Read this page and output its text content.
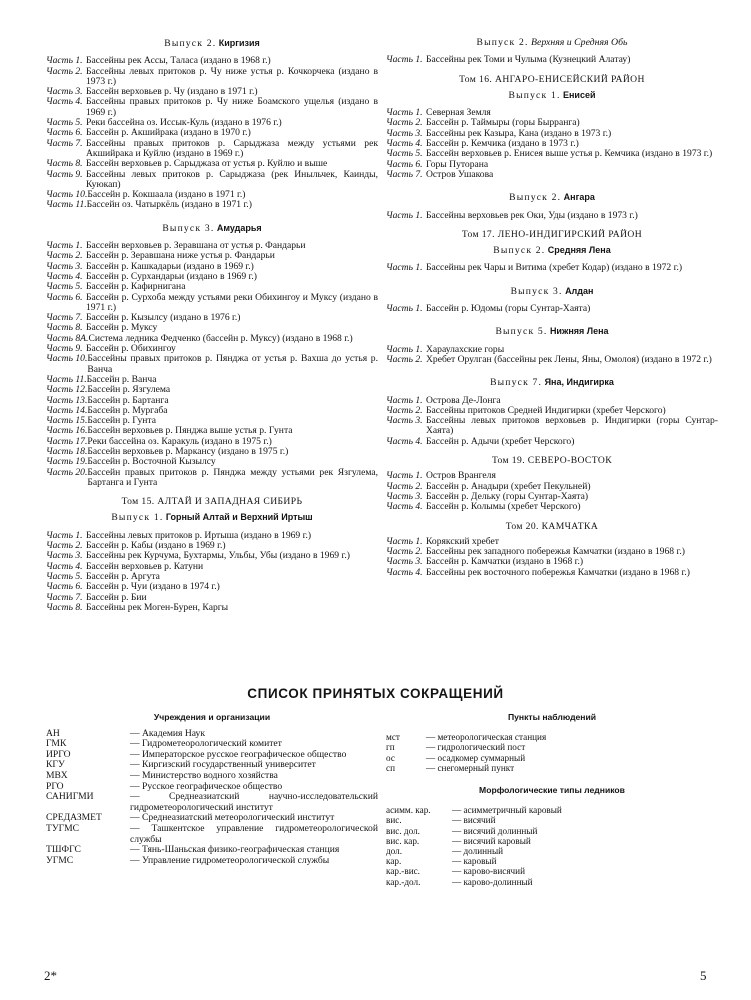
Выпуск 2. Киргизия
Часть 1. Бассейны рек Ассы, Таласа (издано в 1968 г.)
Часть 2. Бассейны левых притоков р. Чу ниже устья р. Кочкорчека (издано в 1973 г.)
Часть 3. Бассейн верховьев р. Чу (издано в 1971 г.)
Часть 4. Бассейны правых притоков р. Чу ниже Боамского ущелья (издано в 1969 г.)
Часть 5. Реки бассейна оз. Иссык-Куль (издано в 1976 г.)
Часть 6. Бассейн р. Акшийрака (издано в 1970 г.)
Часть 7. Бассейны правых притоков р. Сарыджаза между устьями рек Акшийрака и Куйлю (издано в 1969 г.)
Часть 8. Бассейн верховьев р. Сарыджаза от устья р. Куйлю и выше
Часть 9. Бассейны левых притоков р. Сарыджаза (рек Иныльчек, Каинды, Куюкап)
Часть 10. Бассейн р. Кокшаала (издано в 1971 г.)
Часть 11. Бассейн оз. Чатыркёль (издано в 1971 г.)
Выпуск 3. Амударья
Часть 1. Бассейн верховьев р. Зеравшана от устья р. Фандарьи
Часть 2. Бассейн р. Зеравшана ниже устья р. Фандарьи
Часть 3. Бассейн р. Кашкадарьи (издано в 1969 г.)
Часть 4. Бассейн р. Сурхандарьи (издано в 1969 г.)
Часть 5. Бассейн р. Кафирнигана
Часть 6. Бассейн р. Сурхоба между устьями реки Обихингоу и Муксу (издано в 1971 г.)
Часть 7. Бассейн р. Кызылсу (издано в 1976 г.)
Часть 8. Бассейн р. Муксу
Часть 8А. Система ледника Федченко (бассейн р. Муксу) (издано в 1968 г.)
Часть 9. Бассейн р. Обихингоу
Часть 10. Бассейны правых притоков р. Пянджа от устья р. Вахша до устья р. Ванча
Часть 11. Бассейн р. Ванча
Часть 12. Бассейн р. Язгулема
Часть 13. Бассейн р. Бартанга
Часть 14. Бассейн р. Мургаба
Часть 15. Бассейн р. Гунта
Часть 16. Бассейн верховьев р. Пянджа выше устья р. Гунта
Часть 17. Реки бассейна оз. Каракуль (издано в 1975 г.)
Часть 18. Бассейн верховьев р. Маркансу (издано в 1975 г.)
Часть 19. Бассейн р. Восточной Кызылсу
Часть 20. Бассейн правых притоков р. Пянджа между устьями рек Язгулема, Бартанга и Гунта
Том 15. АЛТАЙ И ЗАПАДНАЯ СИБИРЬ
Выпуск 1. Горный Алтай и Верхний Иртыш
Часть 1. Бассейны левых притоков р. Иртыша (издано в 1969 г.)
Часть 2. Бассейн р. Кабы (издано в 1969 г.)
Часть 3. Бассейны рек Курчума, Бухтармы, Ульбы, Убы (издано в 1969 г.)
Часть 4. Бассейн верховьев р. Катуни
Часть 5. Бассейн р. Аргута
Часть 6. Бассейн р. Чуи (издано в 1974 г.)
Часть 7. Бассейн р. Бии
Часть 8. Бассейны рек Моген-Бурен, Каргы
Выпуск 2. Верхняя и Средняя Обь
Часть 1. Бассейны рек Томи и Чулыма (Кузнецкий Алатау)
Том 16. АНГАРО-ЕНИСЕЙСКИЙ РАЙОН
Выпуск 1. Енисей
Часть 1. Северная Земля
Часть 2. Бассейн р. Таймыры (горы Бырранга)
Часть 3. Бассейны рек Казыра, Кана (издано в 1973 г.)
Часть 4. Бассейн р. Кемчика (издано в 1973 г.)
Часть 5. Бассейн верховьев р. Енисея выше устья р. Кемчика (издано в 1973 г.)
Часть 6. Горы Путорана
Часть 7. Остров Ушакова
Выпуск 2. Ангара
Часть 1. Бассейны верховьев рек Оки, Уды (издано в 1973 г.)
Том 17. ЛЕНО-ИНДИГИРСКИЙ РАЙОН
Выпуск 2. Средняя Лена
Часть 1. Бассейны рек Чары и Витима (хребет Кодар) (издано в 1972 г.)
Выпуск 3. Алдан
Часть 1. Бассейн р. Юдомы (горы Сунтар-Хаята)
Выпуск 5. Нижняя Лена
Часть 1. Хараулахские горы
Часть 2. Хребет Орулган (бассейны рек Лены, Яны, Омолоя) (издано в 1972 г.)
Выпуск 7. Яна, Индигирка
Часть 1. Острова Де-Лонга
Часть 2. Бассейны притоков Средней Индигирки (хребет Черского)
Часть 3. Бассейны левых притоков верховьев р. Индигирки (горы Сунтар-Хаята)
Часть 4. Бассейн р. Адычи (хребет Черского)
Том 19. СЕВЕРО-ВОСТОК
Часть 1. Остров Врангеля
Часть 2. Бассейн р. Анадыри (хребет Пекульней)
Часть 3. Бассейн р. Дельку (горы Сунтар-Хаята)
Часть 4. Бассейн р. Колымы (хребет Черского)
Том 20. КАМЧАТКА
Часть 1. Корякский хребет
Часть 2. Бассейны рек западного побережья Камчатки (издано в 1968 г.)
Часть 3. Бассейн р. Камчатки (издано в 1968 г.)
Часть 4. Бассейны рек восточного побережья Камчатки (издано в 1968 г.)
СПИСОК ПРИНЯТЫХ СОКРАЩЕНИЙ
Учреждения и организации
АН	— Академия Наук
ГМК	— Гидрометеорологический комитет
ИРГО	— Императорское русское географическое общество
КГУ	— Киргизский государственный университет
МВХ	— Министерство водного хозяйства
РГО	— Русское географическое общество
САНИГМИ	— Среднеазиатский научно-исследовательский гидрометеорологический институт
СРЕДАЗМЕТ	— Среднеазиатский метеорологический институт
ТУГМС	— Ташкентское управление гидрометеорологической службы
ТШФГС	— Тянь-Шаньская физико-географическая станция
УГМС	— Управление гидрометеорологической службы
Пункты наблюдений
мст	— метеорологическая станция
гп	— гидрологический пост
ос	— осадкомер суммарный
сп	— снегомерный пункт
Морфологические типы ледников
асимм. кар.	— асимметричный каровый
вис.	— висячий
вис. дол.	— висячий долинный
вис. кар.	— висячий каровый
дол.	— долинный
кар.	— каровый
кар.-вис.	— карово-висячий
кар.-дол.	— карово-долинный
2*	5
